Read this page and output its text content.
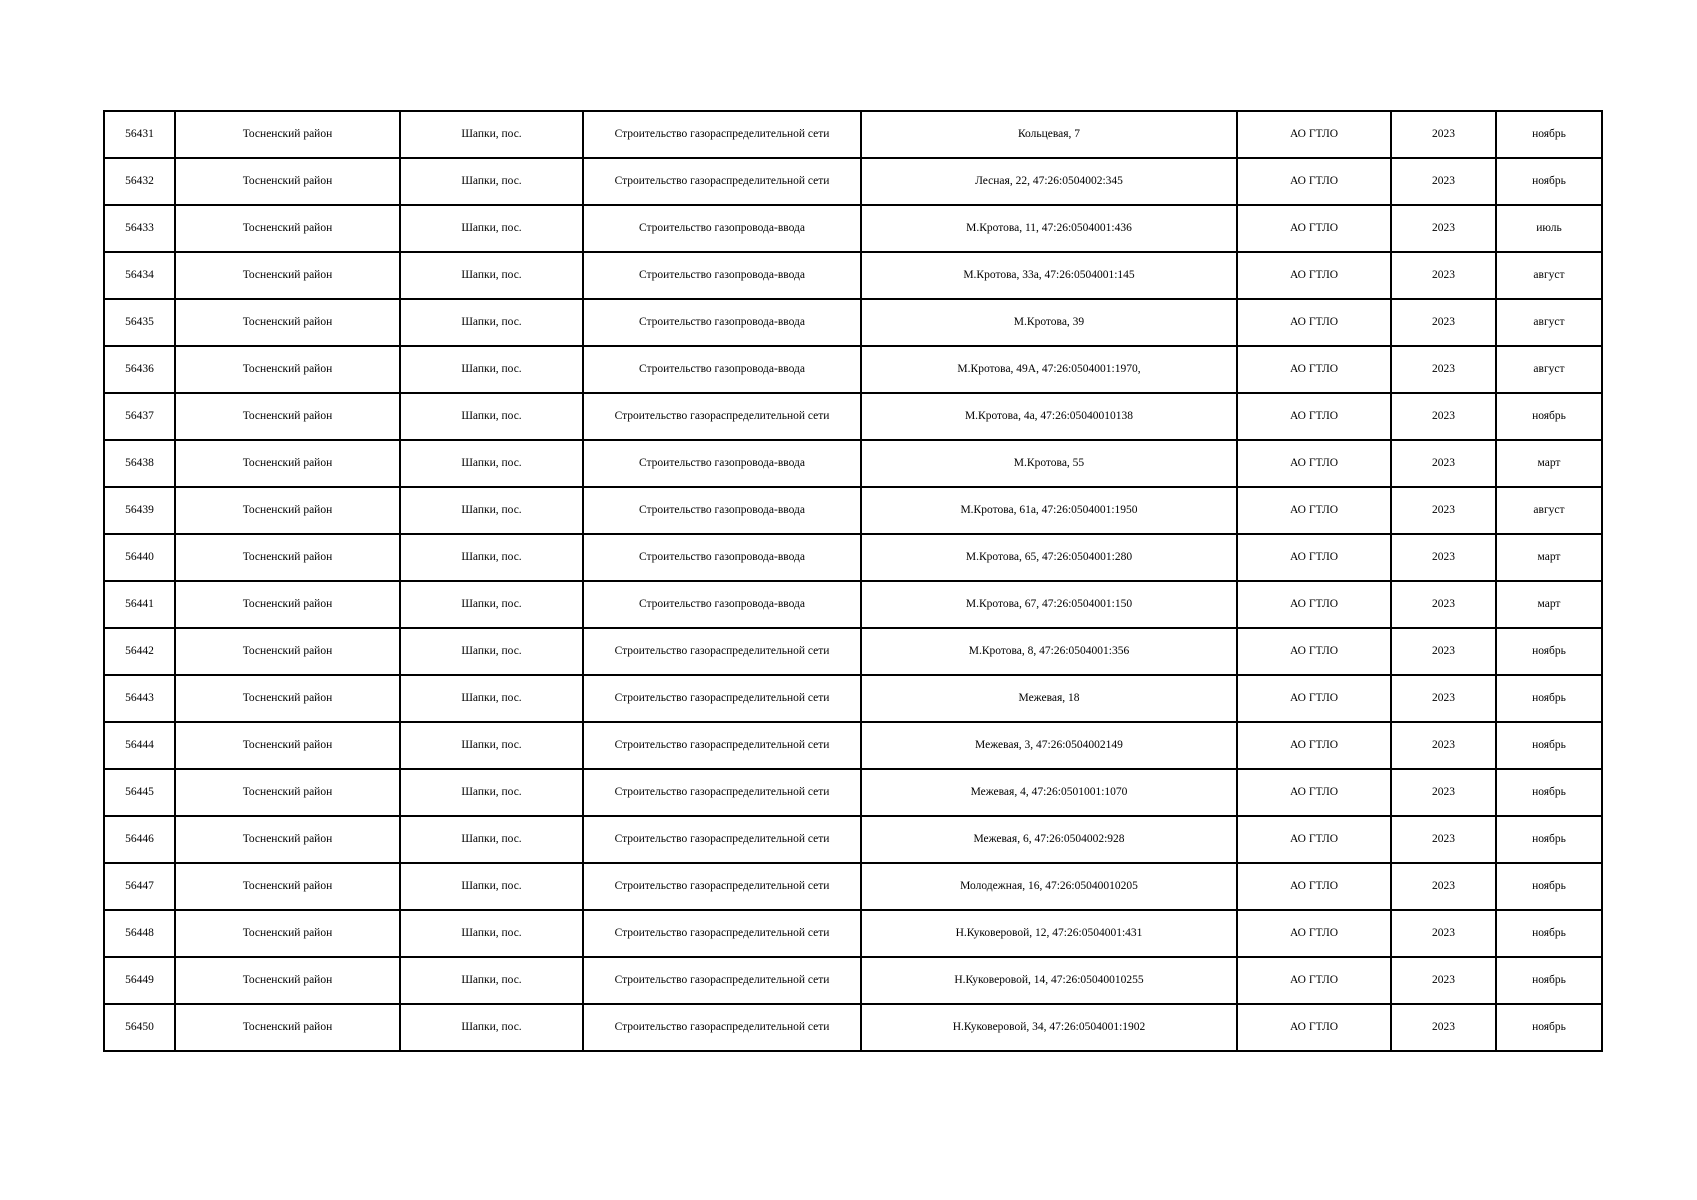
56431	Тосненский район	Шапки, пос.	Строительство газораспределительной сети	Кольцевая, 7	АО ГТЛО	2023	ноябрь
56432	Тосненский район	Шапки, пос.	Строительство газораспределительной сети	Лесная, 22, 47:26:0504002:345	АО ГТЛО	2023	ноябрь
56433	Тосненский район	Шапки, пос.	Строительство газопровода-ввода	М.Кротова, 11, 47:26:0504001:436	АО ГТЛО	2023	июль
56434	Тосненский район	Шапки, пос.	Строительство газопровода-ввода	М.Кротова, 33а, 47:26:0504001:145	АО ГТЛО	2023	август
56435	Тосненский район	Шапки, пос.	Строительство газопровода-ввода	М.Кротова, 39	АО ГТЛО	2023	август
56436	Тосненский район	Шапки, пос.	Строительство газопровода-ввода	М.Кротова, 49А, 47:26:0504001:1970,	АО ГТЛО	2023	август
56437	Тосненский район	Шапки, пос.	Строительство газораспределительной сети	М.Кротова, 4а, 47:26:05040010138	АО ГТЛО	2023	ноябрь
56438	Тосненский район	Шапки, пос.	Строительство газопровода-ввода	М.Кротова, 55	АО ГТЛО	2023	март
56439	Тосненский район	Шапки, пос.	Строительство газопровода-ввода	М.Кротова, 61а, 47:26:0504001:1950	АО ГТЛО	2023	август
56440	Тосненский район	Шапки, пос.	Строительство газопровода-ввода	М.Кротова, 65, 47:26:0504001:280	АО ГТЛО	2023	март
56441	Тосненский район	Шапки, пос.	Строительство газопровода-ввода	М.Кротова, 67, 47:26:0504001:150	АО ГТЛО	2023	март
56442	Тосненский район	Шапки, пос.	Строительство газораспределительной сети	М.Кротова, 8, 47:26:0504001:356	АО ГТЛО	2023	ноябрь
56443	Тосненский район	Шапки, пос.	Строительство газораспределительной сети	Межевая, 18	АО ГТЛО	2023	ноябрь
56444	Тосненский район	Шапки, пос.	Строительство газораспределительной сети	Межевая, 3, 47:26:0504002149	АО ГТЛО	2023	ноябрь
56445	Тосненский район	Шапки, пос.	Строительство газораспределительной сети	Межевая, 4, 47:26:0501001:1070	АО ГТЛО	2023	ноябрь
56446	Тосненский район	Шапки, пос.	Строительство газораспределительной сети	Межевая, 6, 47:26:0504002:928	АО ГТЛО	2023	ноябрь
56447	Тосненский район	Шапки, пос.	Строительство газораспределительной сети	Молодежная, 16, 47:26:05040010205	АО ГТЛО	2023	ноябрь
56448	Тосненский район	Шапки, пос.	Строительство газораспределительной сети	Н.Куковеровой, 12, 47:26:0504001:431	АО ГТЛО	2023	ноябрь
56449	Тосненский район	Шапки, пос.	Строительство газораспределительной сети	Н.Куковеровой, 14, 47:26:05040010255	АО ГТЛО	2023	ноябрь
56450	Тосненский район	Шапки, пос.	Строительство газораспределительной сети	Н.Куковеровой, 34, 47:26:0504001:1902	АО ГТЛО	2023	ноябрь
